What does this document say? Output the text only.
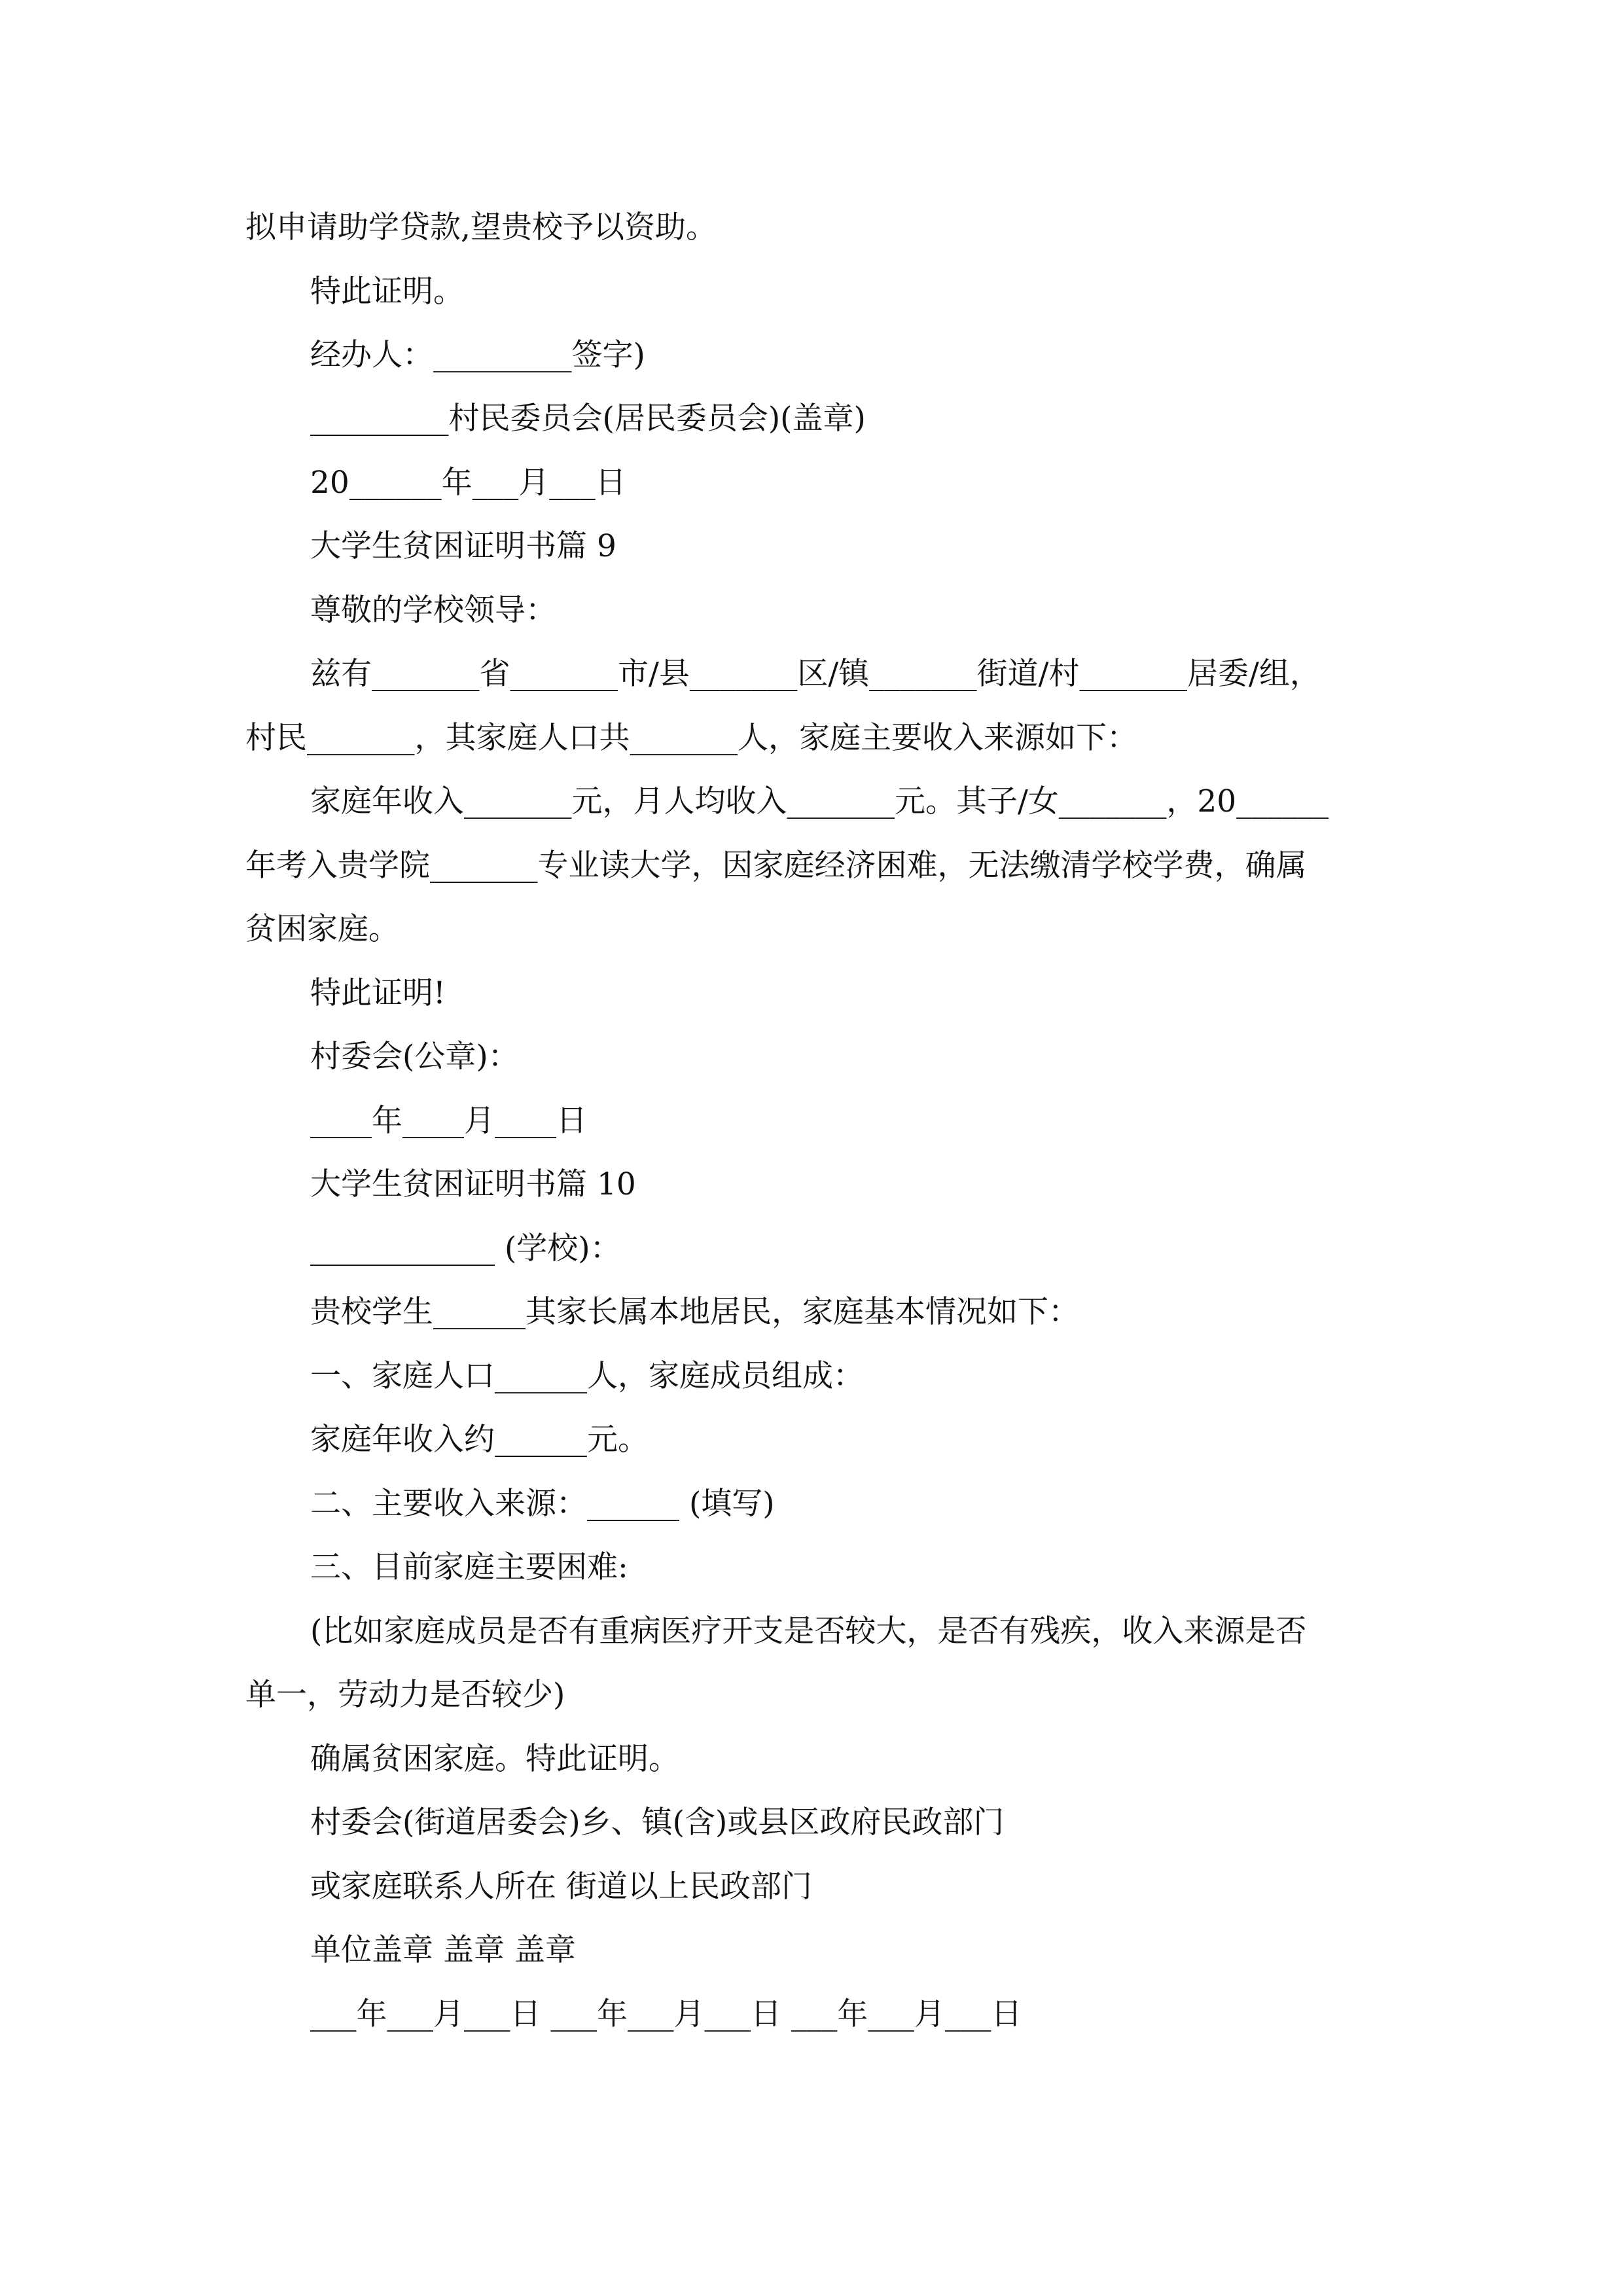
拟申请助学贷款,望贵校予以资助。
特此证明。
经办人：_________签字)
_________村民委员会(居民委员会)(盖章)
20______年___月___日
大学生贫困证明书篇 9
尊敬的学校领导：
兹有_______省_______市/县_______区/镇_______街道/村_______居委/组，
村民_______，其家庭人口共_______人，家庭主要收入来源如下：
家庭年收入_______元，月人均收入_______元。其子/女_______，20______
年考入贵学院_______专业读大学，因家庭经济困难，无法缴清学校学费，确属
贫困家庭。
特此证明!
村委会(公章)：
____年____月____日
大学生贫困证明书篇 10
____________ (学校)：
贵校学生______其家长属本地居民，家庭基本情况如下：
一、家庭人口______人，家庭成员组成：
家庭年收入约______元。
二、主要收入来源：______ (填写)
三、目前家庭主要困难:
(比如家庭成员是否有重病医疗开支是否较大，是否有残疾，收入来源是否
单一，劳动力是否较少)
确属贫困家庭。特此证明。
村委会(街道居委会)乡、镇(含)或县区政府民政部门
或家庭联系人所在 街道以上民政部门
单位盖章 盖章 盖章
___年___月___日 ___年___月___日 ___年___月___日
